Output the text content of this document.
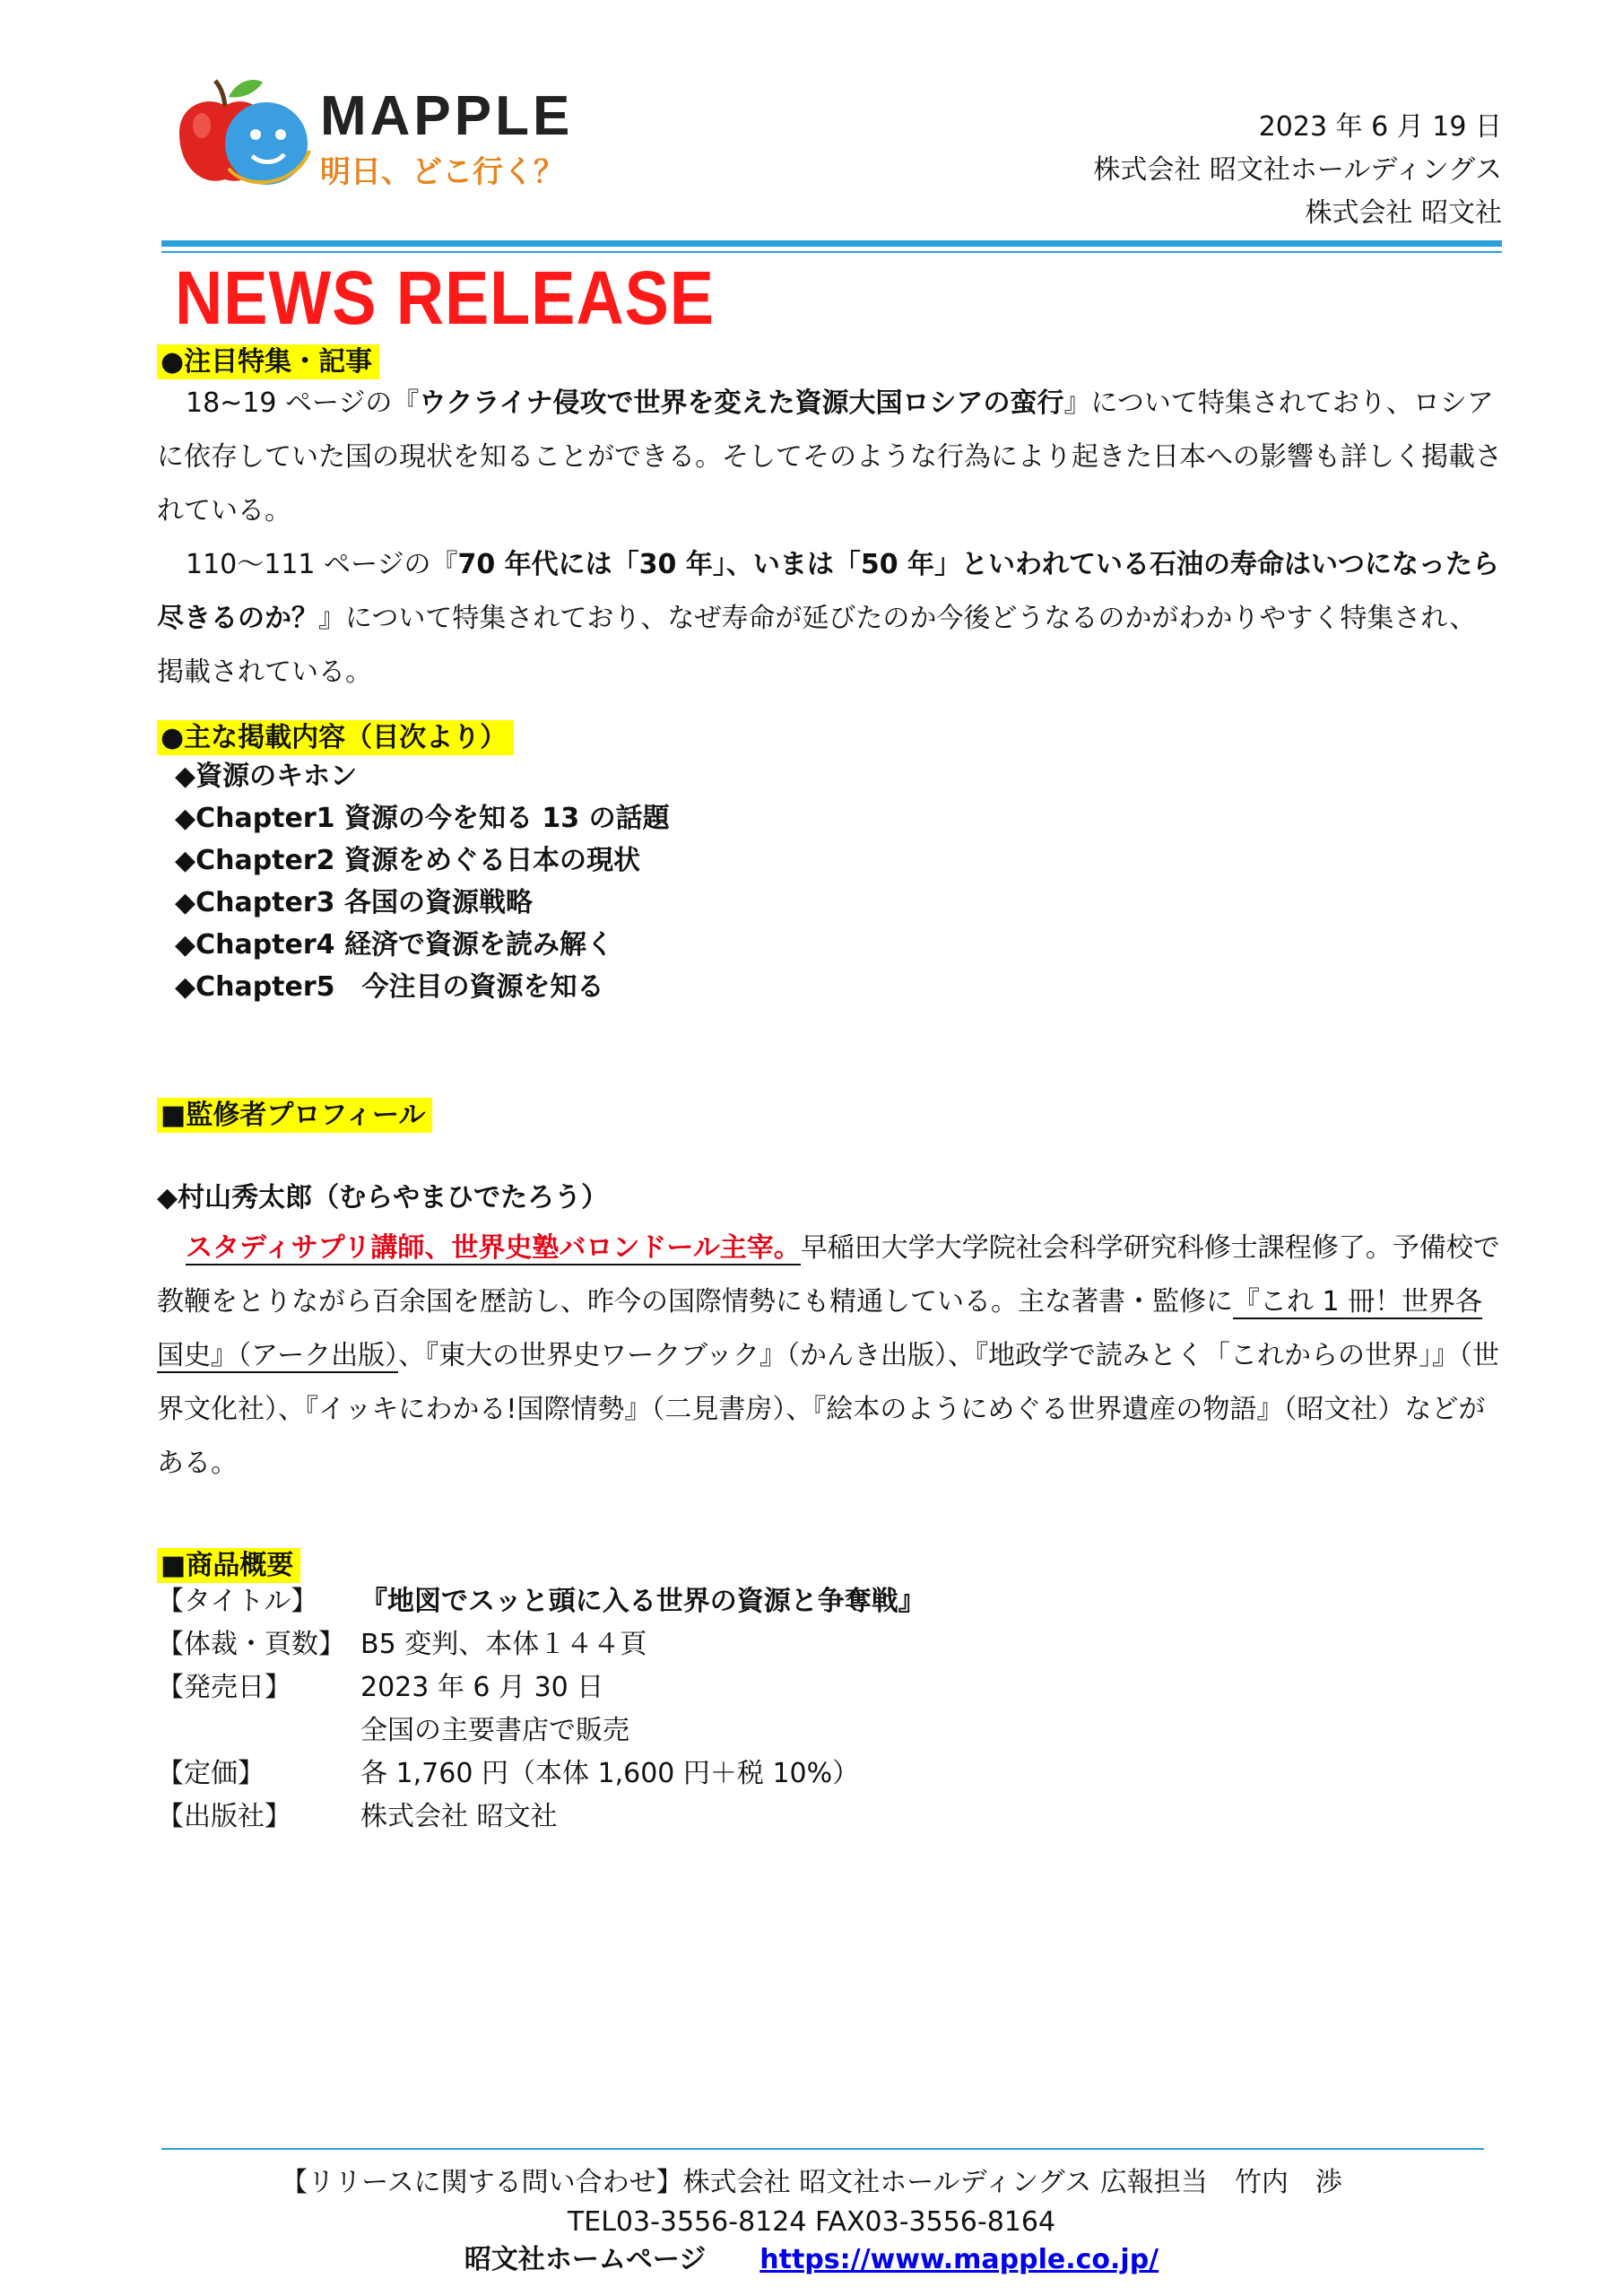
MAPPLE
明日、どこ行く？
2023 年 6 月 19 日
株式会社 昭文社ホールディングス
株式会社 昭文社
NEWS RELEASE
●注目特集・記事
18~19 ページの『ウクライナ侵攻で世界を変えた資源大国ロシアの蛮行』について特集されており、ロシアに依存していた国の現状を知ることができる。そしてそのような行為により起きた日本への影響も詳しく掲載されている。
110～111 ページの『70 年代には「30 年」、いまは「50 年」といわれている石油の寿命はいつになったら尽きるのか？』について特集されており、なぜ寿命が延びたのか今後どうなるのかがわかりやすく特集され、掲載されている。
●主な掲載内容（目次より）
◆資源のキホン
◆Chapter1 資源の今を知る 13 の話題
◆Chapter2 資源をめぐる日本の現状
◆Chapter3 各国の資源戦略
◆Chapter4 経済で資源を読み解く
◆Chapter5　今注目の資源を知る
■監修者プロフィール
◆村山秀太郎（むらやまひでたろう）
スタディサプリ講師、世界史塾バロンドール主宰。早稲田大学大学院社会科学研究科修士課程修了。予備校で教鞭をとりながら百余国を歴訪し、昨今の国際情勢にも精通している。主な著書・監修に『これ 1 冊！世界各国史』（アーク出版）、『東大の世界史ワークブック』（かんき出版）、『地政学で読みとく「これからの世界」』（世界文化社）、『イッキにわかる!国際情勢』（二見書房）、『絵本のようにめぐる世界遺産の物語』（昭文社）などがある。
■商品概要
【タイトル】	『地図でスッと頭に入る世界の資源と争奪戦』
【体裁・頁数】 B5 変判、本体１４４頁
【発売日】	2023 年 6 月 30 日
全国の主要書店で販売
【定価】	各 1,760 円（本体 1,600 円＋税 10%）
【出版社】	株式会社 昭文社
【リリースに関する問い合わせ】株式会社 昭文社ホールディングス 広報担当　竹内　渉
TEL03-3556-8124 FAX03-3556-8164
昭文社ホームページ https://www.mapple.co.jp/
